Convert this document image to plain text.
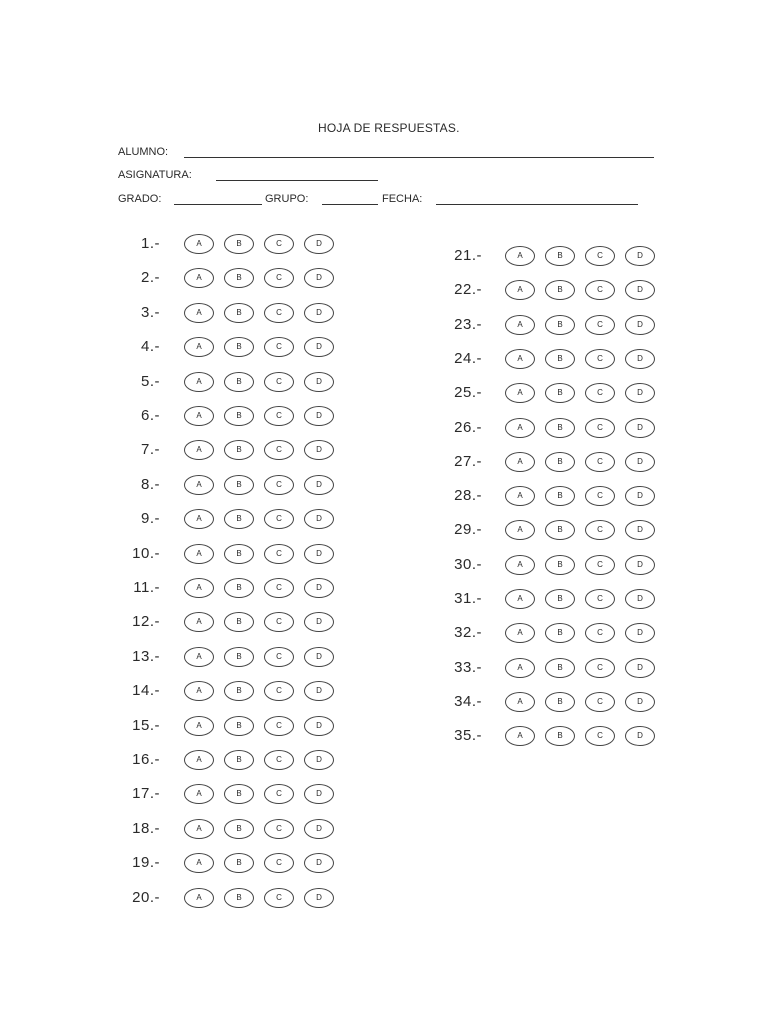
HOJA DE RESPUESTAS.
ALUMNO:
ASIGNATURA:
GRADO:	GRUPO:	FECHA:
1.-	A	B	C	D
2.-	A	B	C	D
3.-	A	B	C	D
4.-	A	B	C	D
5.-	A	B	C	D
6.-	A	B	C	D
7.-	A	B	C	D
8.-	A	B	C	D
9.-	A	B	C	D
10.-	A	B	C	D
11.-	A	B	C	D
12.-	A	B	C	D
13.-	A	B	C	D
14.-	A	B	C	D
15.-	A	B	C	D
16.-	A	B	C	D
17.-	A	B	C	D
18.-	A	B	C	D
19.-	A	B	C	D
20.-	A	B	C	D
21.-	A	B	C	D
22.-	A	B	C	D
23.-	A	B	C	D
24.-	A	B	C	D
25.-	A	B	C	D
26.-	A	B	C	D
27.-	A	B	C	D
28.-	A	B	C	D
29.-	A	B	C	D
30.-	A	B	C	D
31.-	A	B	C	D
32.-	A	B	C	D
33.-	A	B	C	D
34.-	A	B	C	D
35.-	A	B	C	D
